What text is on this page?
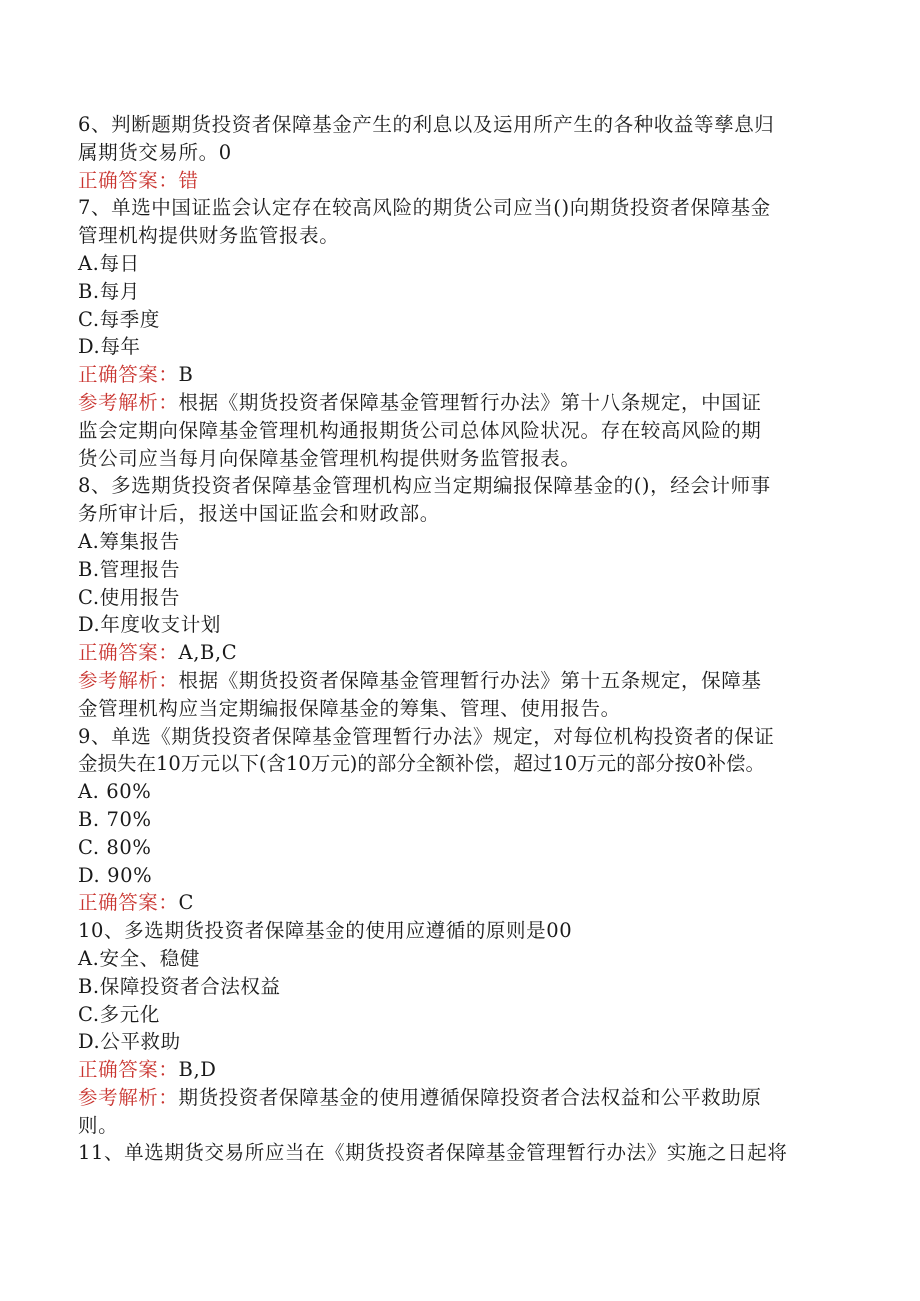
6、判断题期货投资者保障基金产生的利息以及运用所产生的各种收益等孳息归
属期货交易所。0
正确答案：错
7、单选中国证监会认定存在较高风险的期货公司应当()向期货投资者保障基金
管理机构提供财务监管报表。
A.每日
B.每月
C.每季度
D.每年
正确答案：B
参考解析：根据《期货投资者保障基金管理暂行办法》第十八条规定，中国证
监会定期向保障基金管理机构通报期货公司总体风险状况。存在较高风险的期
货公司应当每月向保障基金管理机构提供财务监管报表。
8、多选期货投资者保障基金管理机构应当定期编报保障基金的()，经会计师事
务所审计后，报送中国证监会和财政部。
A.筹集报告
B.管理报告
C.使用报告
D.年度收支计划
正确答案：A,B,C
参考解析：根据《期货投资者保障基金管理暂行办法》第十五条规定，保障基
金管理机构应当定期编报保障基金的筹集、管理、使用报告。
9、单选《期货投资者保障基金管理暂行办法》规定，对每位机构投资者的保证
金损失在10万元以下(含10万元)的部分全额补偿，超过10万元的部分按0补偿。
A. 60%
B. 70%
C. 80%
D. 90%
正确答案：C
10、多选期货投资者保障基金的使用应遵循的原则是00
A.安全、稳健
B.保障投资者合法权益
C.多元化
D.公平救助
正确答案：B,D
参考解析：期货投资者保障基金的使用遵循保障投资者合法权益和公平救助原
则。
11、单选期货交易所应当在《期货投资者保障基金管理暂行办法》实施之日起将
